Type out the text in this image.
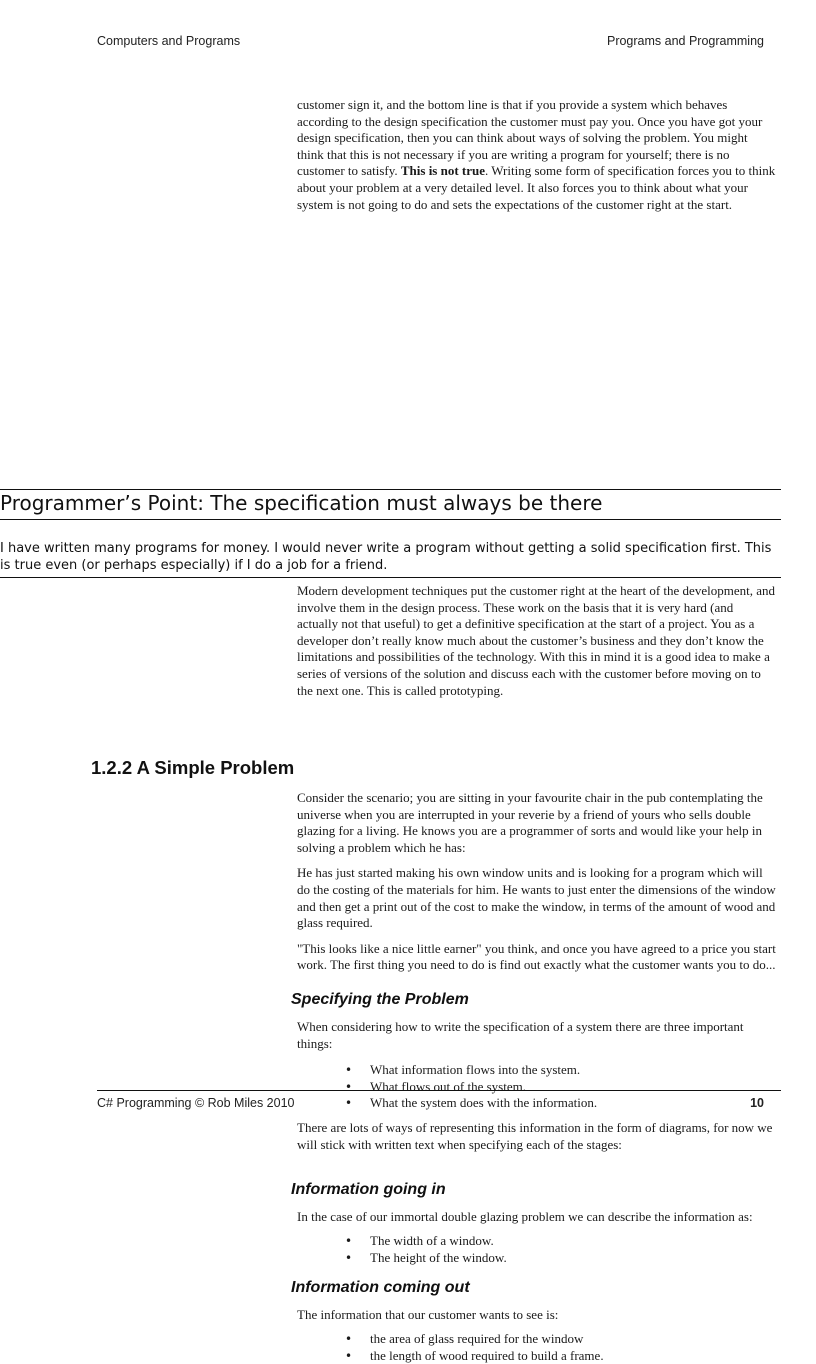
Computers and Programs	Programs and Programming

customer sign it, and the bottom line is that if you provide a system which behaves according to the design specification the customer must pay you. Once you have got your design specification, then you can think about ways of solving the problem. You might think that this is not necessary if you are writing a program for yourself; there is no customer to satisfy. This is not true. Writing some form of specification forces you to think about your problem at a very detailed level. It also forces you to think about what your system is not going to do and sets the expectations of the customer right at the start.

Programmer’s Point: The specification must always be there
I have written many programs for money. I would never write a program without getting a solid specification first. This is true even (or perhaps especially) if I do a job for a friend.

Modern development techniques put the customer right at the heart of the development, and involve them in the design process. These work on the basis that it is very hard (and actually not that useful) to get a definitive specification at the start of a project. You as a developer don’t really know much about the customer’s business and they don’t know the limitations and possibilities of the technology. With this in mind it is a good idea to make a series of versions of the solution and discuss each with the customer before moving on to the next one. This is called prototyping.

1.2.2 A Simple Problem

Consider the scenario; you are sitting in your favourite chair in the pub contemplating the universe when you are interrupted in your reverie by a friend of yours who sells double glazing for a living. He knows you are a programmer of sorts and would like your help in solving a problem which he has:

He has just started making his own window units and is looking for a program which will do the costing of the materials for him. He wants to just enter the dimensions of the window and then get a print out of the cost to make the window, in terms of the amount of wood and glass required.

"This looks like a nice little earner" you think, and once you have agreed to a price you start work. The first thing you need to do is find out exactly what the customer wants you to do...

Specifying the Problem

When considering how to write the specification of a system there are three important things:

• What information flows into the system.
• What flows out of the system.
• What the system does with the information.

There are lots of ways of representing this information in the form of diagrams, for now we will stick with written text when specifying each of the stages:

Information going in

In the case of our immortal double glazing problem we can describe the information as:

• The width of a window.
• The height of the window.
Information coming out

The information that our customer wants to see is:

• the area of glass required for the window
• the length of wood required to build a frame.
C# Programming © Rob Miles 2010	10
